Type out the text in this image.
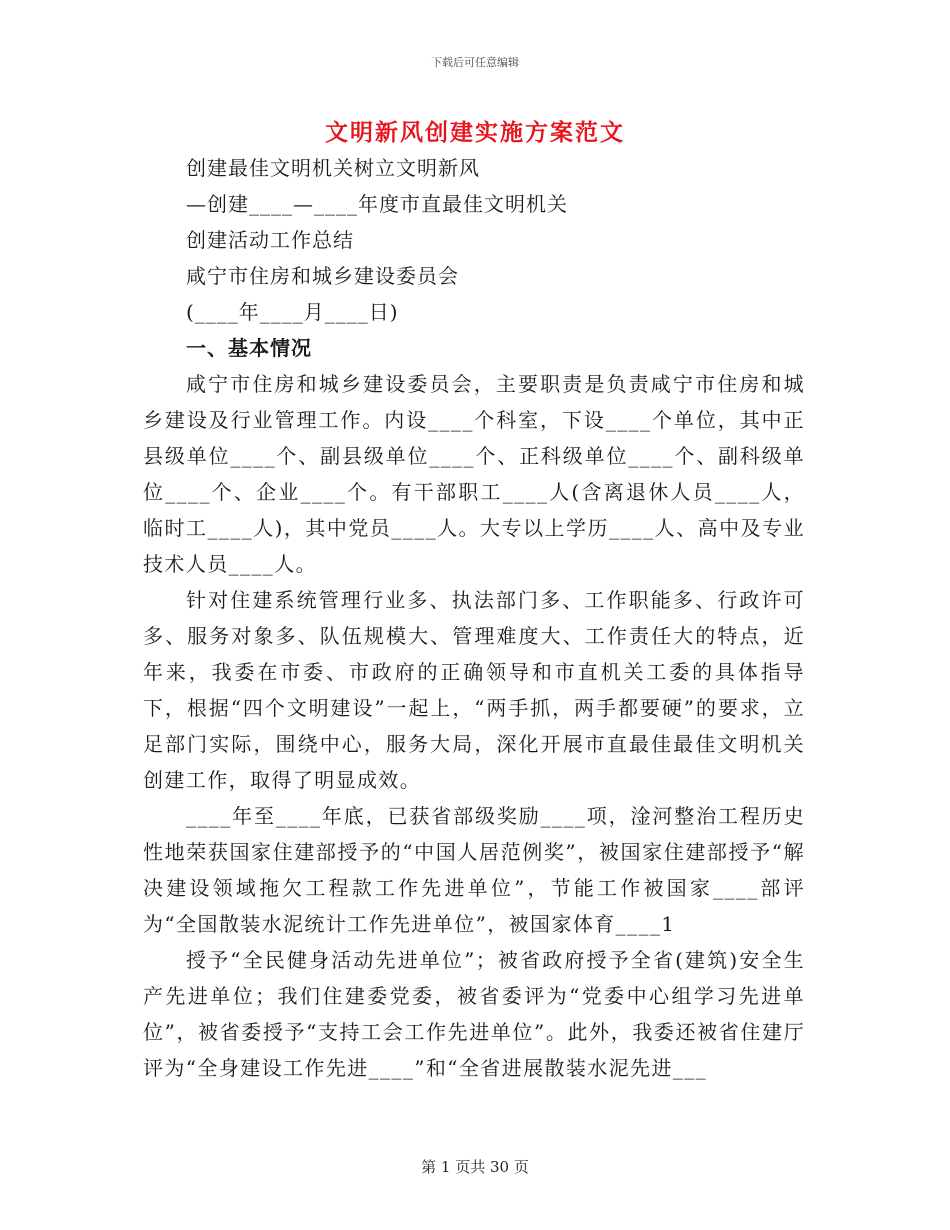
下载后可任意编辑
文明新风创建实施方案范文
创建最佳文明机关树立文明新风
—创建____—____年度市直最佳文明机关
创建活动工作总结
咸宁市住房和城乡建设委员会
(____年____月____日)
一、基本情况

咸宁市住房和城乡建设委员会，主要职责是负责咸宁市住房和城乡建设及行业管理工作。内设____个科室，下设____个单位，其中正县级单位____个、副县级单位____个、正科级单位____个、副科级单位____个、企业____个。有干部职工____人(含离退休人员____人，临时工____人)，其中党员____人。大专以上学历____人、高中及专业技术人员____人。

针对住建系统管理行业多、执法部门多、工作职能多、行政许可多、服务对象多、队伍规模大、管理难度大、工作责任大的特点，近年来，我委在市委、市政府的正确领导和市直机关工委的具体指导下，根据“四个文明建设”一起上，“两手抓，两手都要硬”的要求，立足部门实际，围绕中心，服务大局，深化开展市直最佳最佳文明机关创建工作，取得了明显成效。

____年至____年底，已获省部级奖励____项，淦河整治工程历史性地荣获国家住建部授予的“中国人居范例奖”，被国家住建部授予“解决建设领域拖欠工程款工作先进单位”，节能工作被国家____部评为“全国散装水泥统计工作先进单位”，被国家体育____1

授予“全民健身活动先进单位”；被省政府授予全省(建筑)安全生产先进单位；我们住建委党委，被省委评为“党委中心组学习先进单位”，被省委授予“支持工会工作先进单位”。此外，我委还被省住建厅评为“全身建设工作先进____”和“全省进展散装水泥先进___

第 1 页共 30 页
